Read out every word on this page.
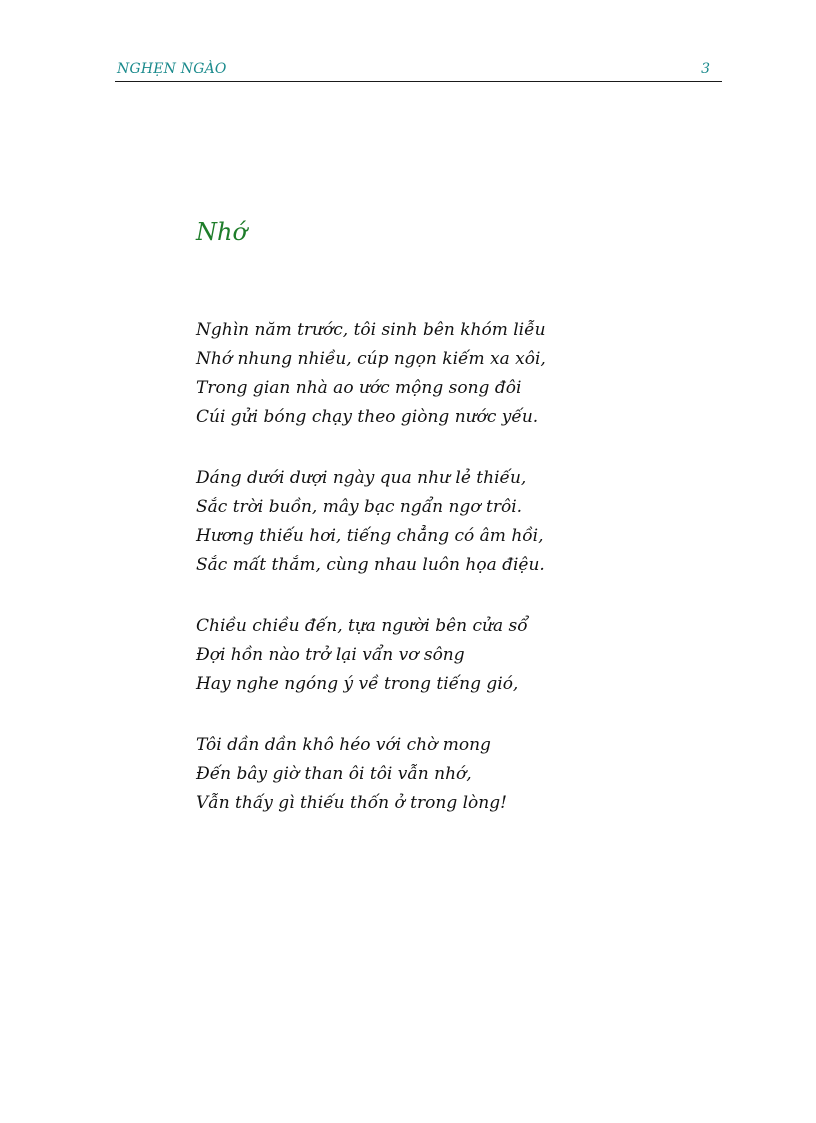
NGHẸN NGÀO	3
Nhớ
Nghìn năm trước, tôi sinh bên khóm liễu
Nhớ nhung nhiều, cúp ngọn kiếm xa xôi,
Trong gian nhà ao ước mộng song đôi
Cúi gửi bóng chạy theo giòng nước yếu.
Dáng dưới dượi ngày qua như lẻ thiếu,
Sắc trời buồn, mây bạc ngẩn ngơ trôi.
Hương thiếu hơi, tiếng chẳng có âm hồi,
Sắc mất thắm, cùng nhau luôn họa điệu.
Chiều chiều đến, tựa người bên cửa sổ
Đợi hồn nào trở lại vẩn vơ sông
Hay nghe ngóng ý về trong tiếng gió,
Tôi dần dần khô héo với chờ mong
Đến bây giờ than ôi tôi vẫn nhớ,
Vẫn thấy gì thiếu thốn ở trong lòng!
